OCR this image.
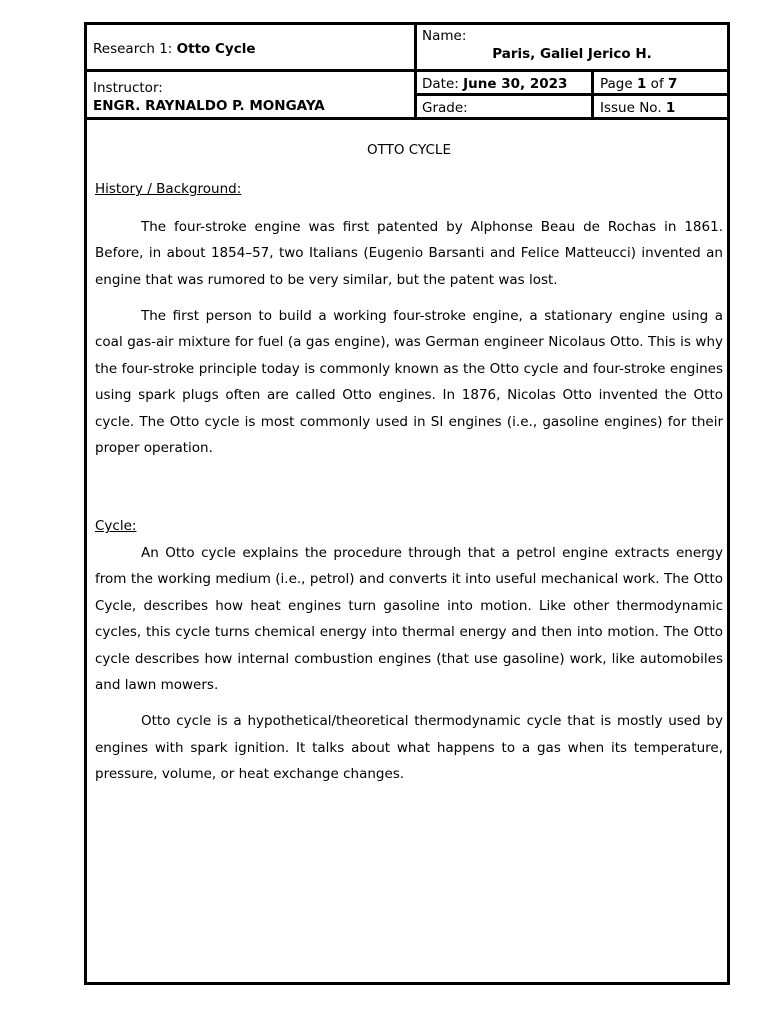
Research 1: Otto Cycle
Name:
Paris, Galiel Jerico H.
Instructor:
ENGR. RAYNALDO P. MONGAYA
Date: June 30, 2023 Page 1 of 7
Grade:	Issue No. 1

OTTO CYCLE

History / Background:

The four-stroke engine was first patented by Alphonse Beau de Rochas in 1861. Before, in about 1854–57, two Italians (Eugenio Barsanti and Felice Matteucci) invented an engine that was rumored to be very similar, but the patent was lost.

The first person to build a working four-stroke engine, a stationary engine using a coal gas-air mixture for fuel (a gas engine), was German engineer Nicolaus Otto. This is why the four-stroke principle today is commonly known as the Otto cycle and four-stroke engines using spark plugs often are called Otto engines. In 1876, Nicolas Otto invented the Otto cycle. The Otto cycle is most commonly used in SI engines (i.e., gasoline engines) for their proper operation.

Cycle:

An Otto cycle explains the procedure through that a petrol engine extracts energy from the working medium (i.e., petrol) and converts it into useful mechanical work. The Otto Cycle, describes how heat engines turn gasoline into motion. Like other thermodynamic cycles, this cycle turns chemical energy into thermal energy and then into motion. The Otto cycle describes how internal combustion engines (that use gasoline) work, like automobiles and lawn mowers.

Otto cycle is a hypothetical/theoretical thermodynamic cycle that is mostly used by engines with spark ignition. It talks about what happens to a gas when its temperature, pressure, volume, or heat exchange changes.
